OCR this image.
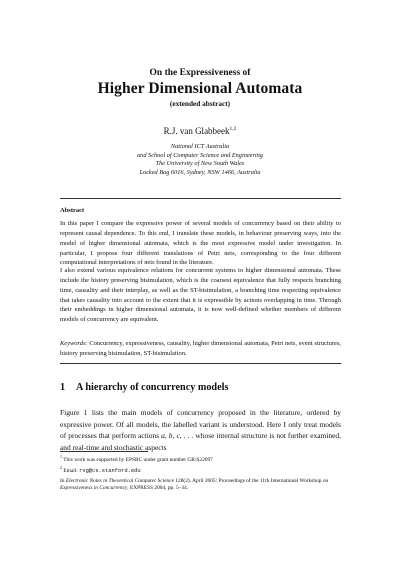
On the Expressiveness of
Higher Dimensional Automata
(extended abstract)
R.J. van Glabbeek$^{1,2}$
National ICT Australia
and School of Computer Science and Engineering
The University of New South Wales
Locked Bag 6016, Sydney, NSW 1466, Australia
Abstract
In this paper I compare the expressive power of several models of concurrency based on their ability to represent causal dependence. To this end, I translate these models, in behaviour preserving ways, into the model of higher dimensional automata, which is the most expressive model under investigation. In particular, I propose four different translations of Petri nets, corresponding to the four different computational interpretations of nets found in the literature.
I also extend various equivalence relations for concurrent systems to higher dimensional automata. These include the history preserving bisimulation, which is the coarsest equivalence that fully respects branching time, causality and their interplay, as well as the ST-bisimulation, a branching time respecting equivalence that takes causality into account to the extent that it is expressible by actions overlapping in time. Through their embeddings in higher dimensional automata, it is now well-defined whether members of different models of concurrency are equivalent.
Keywords: Concurrency, expressiveness, causality, higher dimensional automata, Petri nets, event structures, history preserving bisimulation, ST-bisimulation.
1 A hierarchy of concurrency models
Figure 1 lists the main models of concurrency proposed in the literature, ordered by expressive power. Of all models, the labelled variant is understood. Here I only treat models of processes that perform actions a, b, c, . . . whose internal structure is not further examined, and real-time and stochastic aspects
$^1$ This work was supported by EPSRC under grant number GR/S22097
$^2$ Email: rvg@cs.stanford.edu
In Electronic Notes in Theoretical Computer Science 128(2), April 2005: Proceedings of the 11th International Workshop on Expressiveness in Concurrency, EXPRESS 2004, pp. 5–34.
